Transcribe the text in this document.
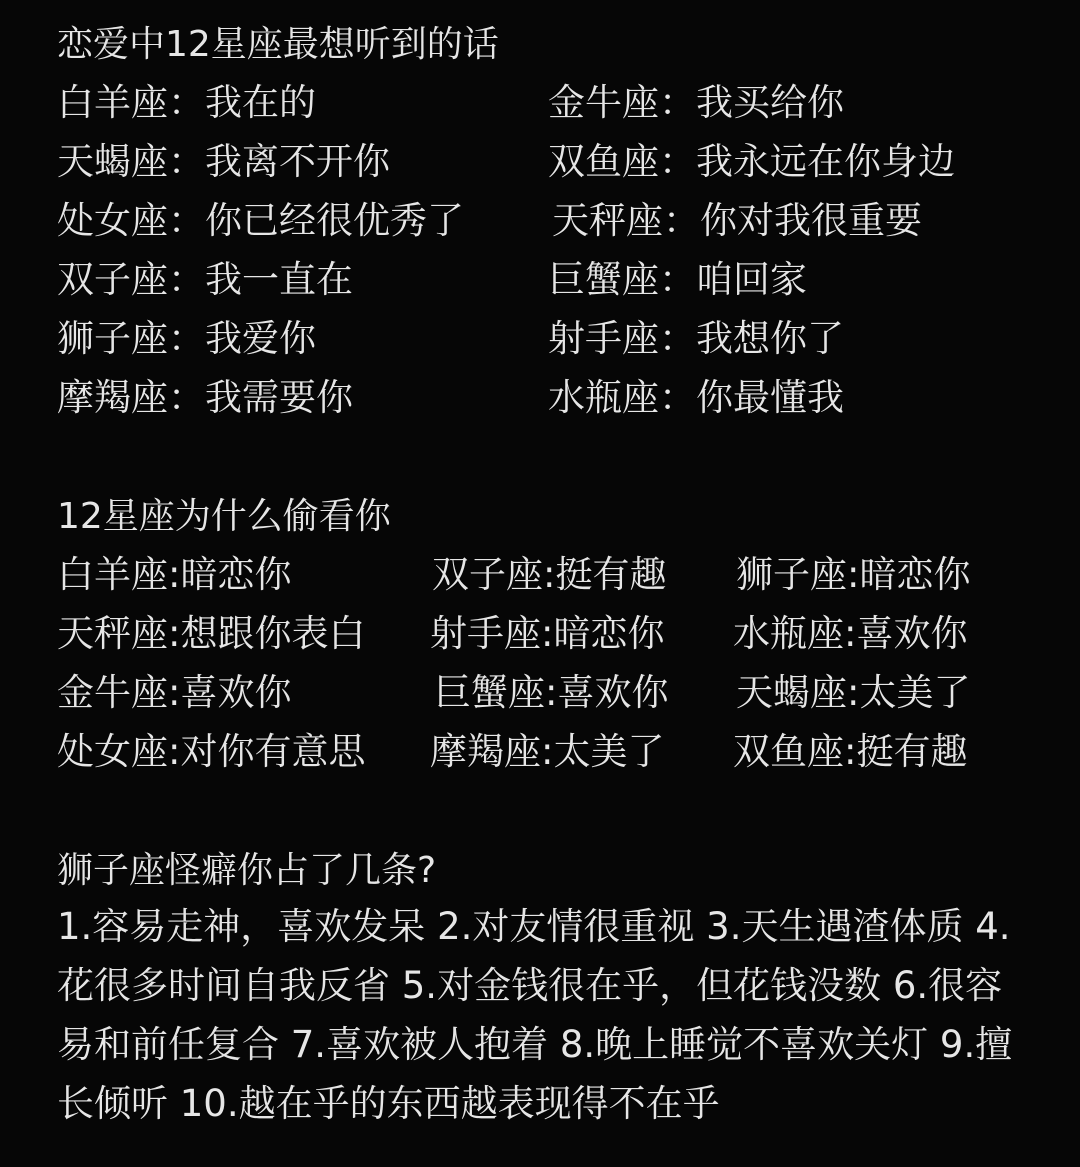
恋爱中12星座最想听到的话
白羊座：我在的
天蝎座：我离不开你
处女座：你已经很优秀了
双子座：我一直在
狮子座：我爱你
摩羯座：我需要你
金牛座：我买给你
双鱼座：我永远在你身边
天秤座：你对我很重要
巨蟹座：咱回家
射手座：我想你了
水瓶座：你最懂我
12星座为什么偷看你
白羊座:暗恋你
天秤座:想跟你表白
金牛座:喜欢你
处女座:对你有意思
双子座:挺有趣
射手座:暗恋你
巨蟹座:喜欢你
摩羯座:太美了
狮子座:暗恋你
水瓶座:喜欢你
天蝎座:太美了
双鱼座:挺有趣
狮子座怪癖你占了几条?
1.容易走神，喜欢发呆 2.对友情很重视 3.天生遇渣体质 4.花很多时间自我反省 5.对金钱很在乎，但花钱没数 6.很容易和前任复合 7.喜欢被人抱着 8.晚上睡觉不喜欢关灯 9.擅长倾听 10.越在乎的东西越表现得不在乎
